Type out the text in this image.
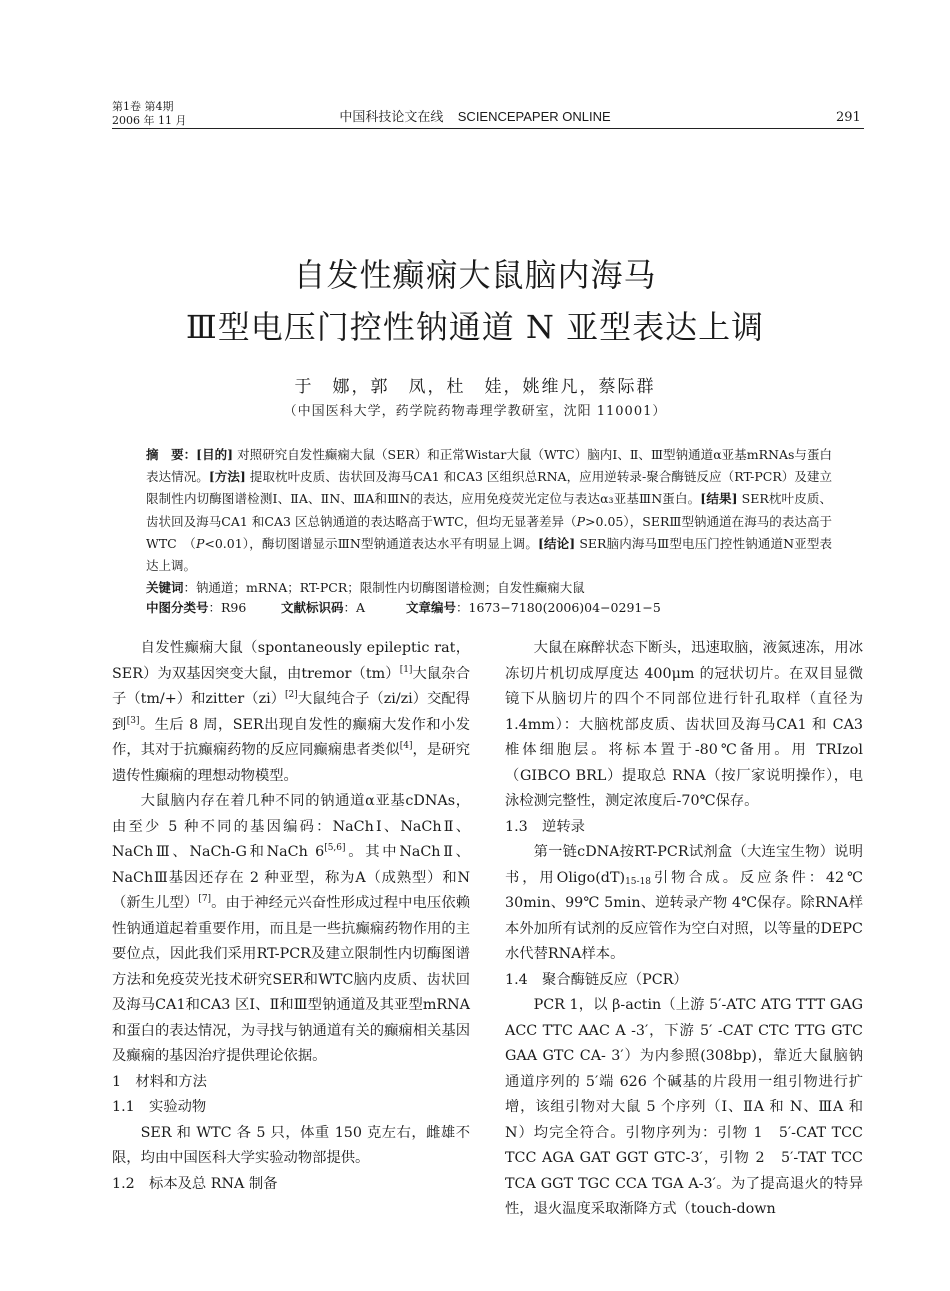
第1卷 第4期
2006 年 11 月	中国科技论文在线    SCIENCEPAPER ONLINE	291
自发性癫痫大鼠脑内海马
Ⅲ型电压门控性钠通道 N 亚型表达上调
于　娜，郭　凤，杜　娃，姚维凡，蔡际群
（中国医科大学，药学院药物毒理学教研室，沈阳 110001）

摘　要：[目的] 对照研究自发性癫痫大鼠（SER）和正常Wistar大鼠（WTC）脑内Ⅰ、Ⅱ、Ⅲ型钠通道α亚基mRNAs与蛋白表达情况。[方法] 提取枕叶皮质、齿状回及海马CA1 和CA3 区组织总RNA，应用逆转录-聚合酶链反应（RT-PCR）及建立限制性内切酶图谱检测Ⅰ、ⅡA、ⅡN、ⅢA和ⅢN的表达，应用免疫荧光定位与表达α₃亚基ⅢN蛋白。[结果] SER枕叶皮质、齿状回及海马CA1 和CA3 区总钠通道的表达略高于WTC，但均无显著差异（P>0.05），SERⅢ型钠通道在海马的表达高于WTC　（P<0.01），酶切图谱显示ⅢN型钠通道表达水平有明显上调。[结论] SER脑内海马Ⅲ型电压门控性钠通道N亚型表达上调。

关键词：钠通道；mRNA；RT-PCR；限制性内切酶图谱检测；自发性癫痫大鼠
中图分类号：R96	文献标识码：A	文章编号：1673−7180(2006)04−0291−5

自发性癫痫大鼠（spontaneously epileptic rat，SER）为双基因突变大鼠，由tremor（tm）[1]大鼠杂合子（tm/+）和zitter（zi）[2]大鼠纯合子（zi/zi）交配得到[3]。生后 8 周，SER出现自发性的癫痫大发作和小发作，其对于抗癫痫药物的反应同癫痫患者类似[4]，是研究遗传性癫痫的理想动物模型。

大鼠脑内存在着几种不同的钠通道α亚基cDNAs，由至少 5 种不同的基因编码：NaChⅠ、NaChⅡ、NaChⅢ、NaCh-G和NaCh 6[5,6]。其中NaChⅡ、NaChⅢ基因还存在 2 种亚型，称为A（成熟型）和N（新生儿型）[7]。由于神经元兴奋性形成过程中电压依赖性钠通道起着重要作用，而且是一些抗癫痫药物作用的主要位点，因此我们采用RT-PCR及建立限制性内切酶图谱方法和免疫荧光技术研究SER和WTC脑内皮质、齿状回及海马CA1和CA3 区Ⅰ、Ⅱ和Ⅲ型钠通道及其亚型mRNA和蛋白的表达情况，为寻找与钠通道有关的癫痫相关基因及癫痫的基因治疗提供理论依据。

1　材料和方法

1.1　实验动物

SER 和 WTC 各 5 只，体重 150 克左右，雌雄不限，均由中国医科大学实验动物部提供。

1.2　标本及总 RNA 制备

大鼠在麻醉状态下断头，迅速取脑，液氮速冻，用冰冻切片机切成厚度达 400μm 的冠状切片。在双目显微镜下从脑切片的四个不同部位进行针孔取样（直径为 1.4mm）：大脑枕部皮质、齿状回及海马CA1 和 CA3 椎体细胞层。将标本置于-80℃备用。用 TRIzol（GIBCO BRL）提取总 RNA（按厂家说明操作），电泳检测完整性，测定浓度后-70℃保存。

1.3　逆转录

第一链cDNA按RT-PCR试剂盒（大连宝生物）说明书，用$Oligo(dT)_{15-18}$引物合成。反应条件：42℃ 30min、99℃ 5min、逆转录产物 4℃保存。除RNA样本外加所有试剂的反应管作为空白对照，以等量的DEPC水代替RNA样本。

1.4　聚合酶链反应（PCR）

PCR 1，以 β-actin（上游 5′-ATC ATG TTT GAG ACC TTC AAC A -3′，下游 5′ -CAT CTC TTG GTC GAA GTC CA- 3′）为内参照(308bp)，靠近大鼠脑钠通道序列的 5′端 626 个碱基的片段用一组引物进行扩增，该组引物对大鼠 5 个序列（Ⅰ、ⅡA 和 N、ⅢA 和 N）均完全符合。引物序列为：引物 1　5′-CAT TCC TCC AGA GAT GGT GTC-3′，引物 2　5′-TAT TCC TCA GGT TGC CCA TGA A-3′。为了提高退火的特异性，退火温度采取渐降方式（touch-down
